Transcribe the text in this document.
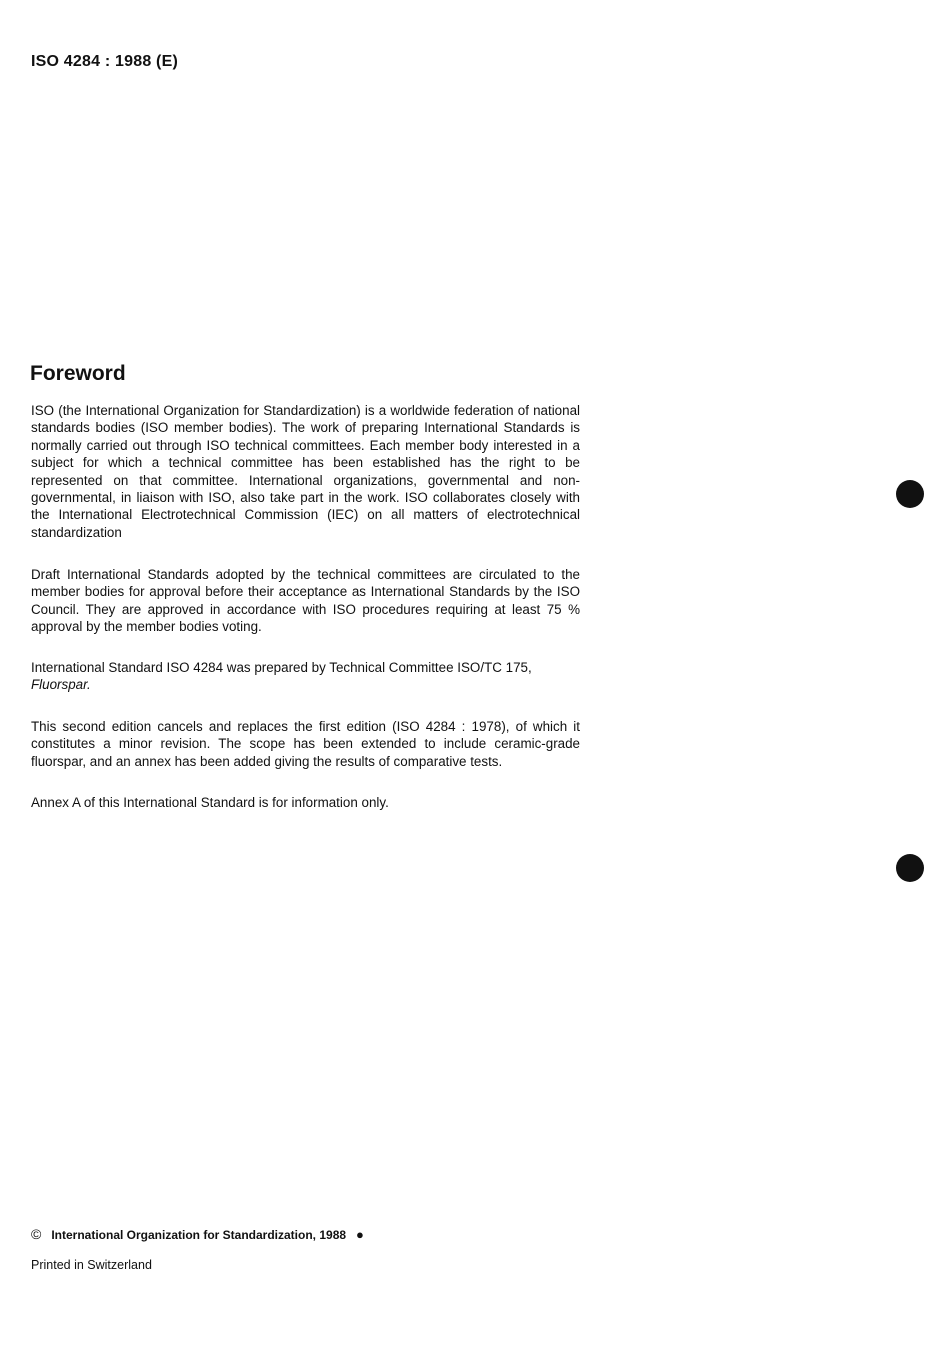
ISO 4284 : 1988 (E)
Foreword

ISO (the International Organization for Standardization) is a worldwide federation of national standards bodies (ISO member bodies). The work of preparing International Standards is normally carried out through ISO technical committees. Each member body interested in a subject for which a technical committee has been established has the right to be represented on that committee. International organizations, governmental and non-governmental, in liaison with ISO, also take part in the work. ISO collaborates closely with the International Electrotechnical Commission (IEC) on all matters of electrotechnical standardization

Draft International Standards adopted by the technical committees are circulated to the member bodies for approval before their acceptance as International Standards by the ISO Council. They are approved in accordance with ISO procedures requiring at least 75 % approval by the member bodies voting.

International Standard ISO 4284 was prepared by Technical Committee ISO/TC 175,
Fluorspar.

This second edition cancels and replaces the first edition (ISO 4284 : 1978), of which it constitutes a minor revision. The scope has been extended to include ceramic-grade fluorspar, and an annex has been added giving the results of comparative tests.

Annex A of this International Standard is for information only.

© International Organization for Standardization, 1988 ●
Printed in Switzerland
